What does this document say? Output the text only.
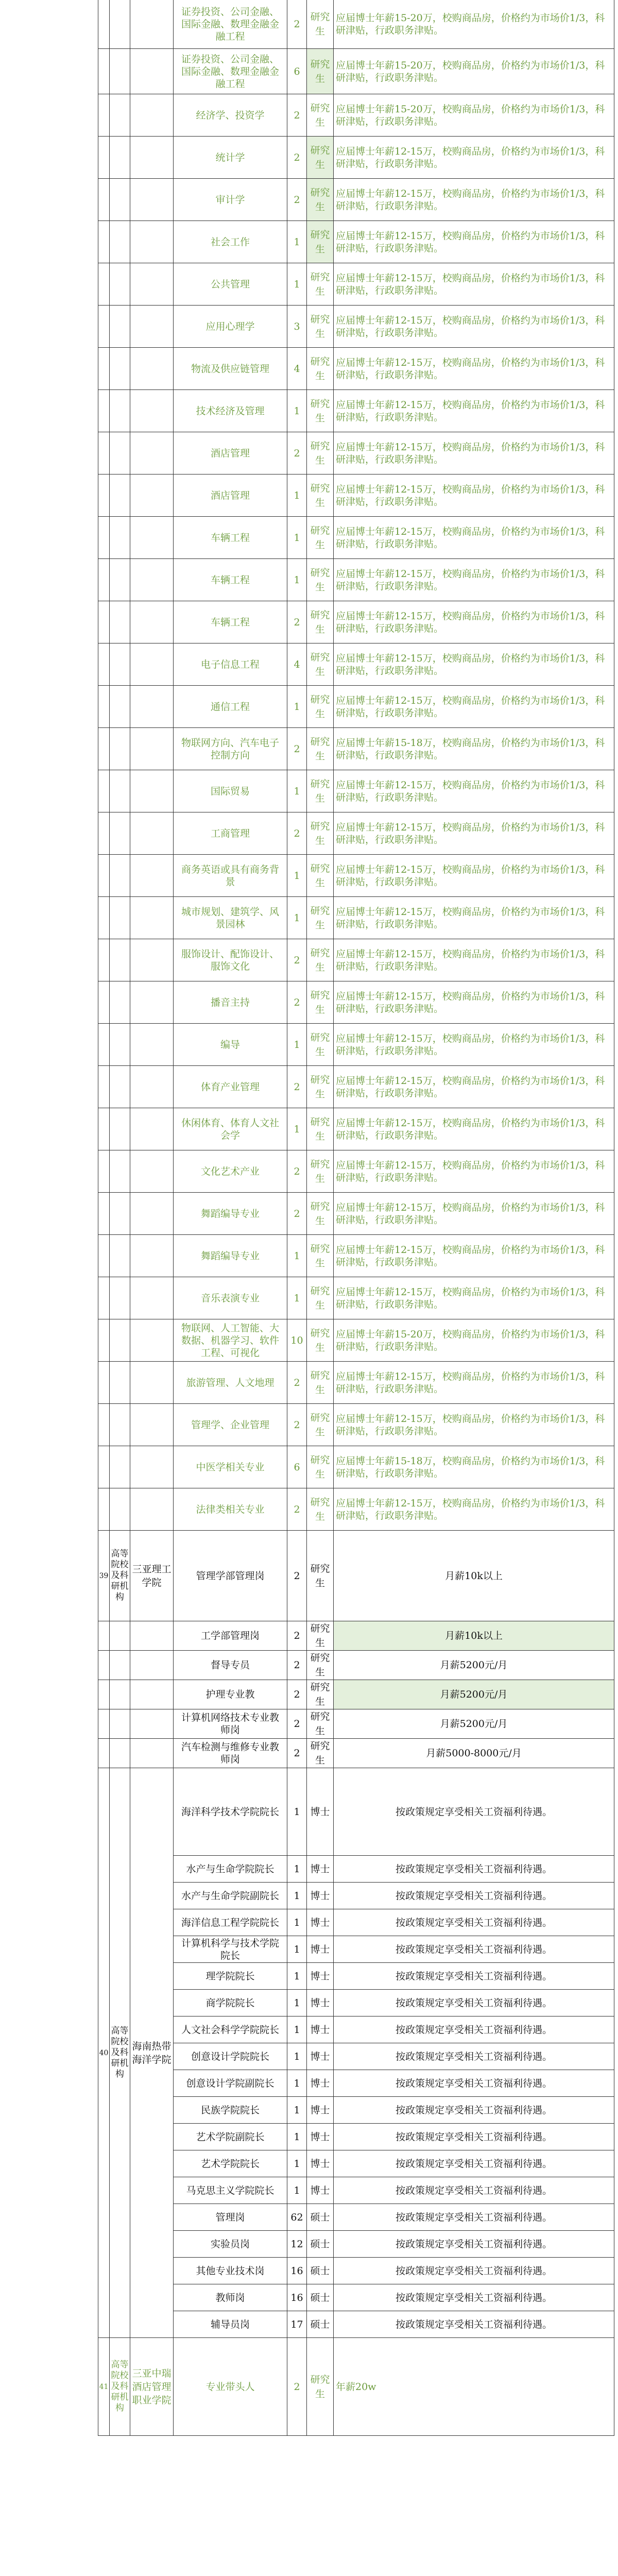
			证券投资、公司金融、国际金融、数理金融金融工程	2	研究生	应届博士年薪15-20万，校购商品房，价格约为市场价1/3，科研津贴，行政职务津贴。
			证券投资、公司金融、国际金融、数理金融金融工程	6	研究生	应届博士年薪15-20万，校购商品房，价格约为市场价1/3，科研津贴，行政职务津贴。
			经济学、投资学	2	研究生	应届博士年薪15-20万，校购商品房，价格约为市场价1/3，科研津贴，行政职务津贴。
			统计学	2	研究生	应届博士年薪12-15万，校购商品房，价格约为市场价1/3，科研津贴，行政职务津贴。
			审计学	2	研究生	应届博士年薪12-15万，校购商品房，价格约为市场价1/3，科研津贴，行政职务津贴。
			社会工作	1	研究生	应届博士年薪12-15万，校购商品房，价格约为市场价1/3，科研津贴，行政职务津贴。
			公共管理	1	研究生	应届博士年薪12-15万，校购商品房，价格约为市场价1/3，科研津贴，行政职务津贴。
			应用心理学	3	研究生	应届博士年薪12-15万，校购商品房，价格约为市场价1/3，科研津贴，行政职务津贴。
			物流及供应链管理	4	研究生	应届博士年薪12-15万，校购商品房，价格约为市场价1/3，科研津贴，行政职务津贴。
			技术经济及管理	1	研究生	应届博士年薪12-15万，校购商品房，价格约为市场价1/3，科研津贴，行政职务津贴。
			酒店管理	2	研究生	应届博士年薪12-15万，校购商品房，价格约为市场价1/3，科研津贴，行政职务津贴。
			酒店管理	1	研究生	应届博士年薪12-15万，校购商品房，价格约为市场价1/3，科研津贴，行政职务津贴。
			车辆工程	1	研究生	应届博士年薪12-15万，校购商品房，价格约为市场价1/3，科研津贴，行政职务津贴。
			车辆工程	1	研究生	应届博士年薪12-15万，校购商品房，价格约为市场价1/3，科研津贴，行政职务津贴。
			车辆工程	2	研究生	应届博士年薪12-15万，校购商品房，价格约为市场价1/3，科研津贴，行政职务津贴。
			电子信息工程	4	研究生	应届博士年薪12-15万，校购商品房，价格约为市场价1/3，科研津贴，行政职务津贴。
			通信工程	1	研究生	应届博士年薪12-15万，校购商品房，价格约为市场价1/3，科研津贴，行政职务津贴。
			物联网方向、汽车电子控制方向	2	研究生	应届博士年薪15-18万，校购商品房，价格约为市场价1/3，科研津贴，行政职务津贴。
			国际贸易	1	研究生	应届博士年薪12-15万，校购商品房，价格约为市场价1/3，科研津贴，行政职务津贴。
			工商管理	2	研究生	应届博士年薪12-15万，校购商品房，价格约为市场价1/3，科研津贴，行政职务津贴。
			商务英语或具有商务背景	1	研究生	应届博士年薪12-15万，校购商品房，价格约为市场价1/3，科研津贴，行政职务津贴。
			城市规划、建筑学、风景园林	1	研究生	应届博士年薪12-15万，校购商品房，价格约为市场价1/3，科研津贴，行政职务津贴。
			服饰设计、配饰设计、服饰文化	2	研究生	应届博士年薪12-15万，校购商品房，价格约为市场价1/3，科研津贴，行政职务津贴。
			播音主持	2	研究生	应届博士年薪12-15万，校购商品房，价格约为市场价1/3，科研津贴，行政职务津贴。
			编导	1	研究生	应届博士年薪12-15万，校购商品房，价格约为市场价1/3，科研津贴，行政职务津贴。
			体育产业管理	2	研究生	应届博士年薪12-15万，校购商品房，价格约为市场价1/3，科研津贴，行政职务津贴。
			休闲体育、体育人文社会学	1	研究生	应届博士年薪12-15万，校购商品房，价格约为市场价1/3，科研津贴，行政职务津贴。
			文化艺术产业	2	研究生	应届博士年薪12-15万，校购商品房，价格约为市场价1/3，科研津贴，行政职务津贴。
			舞蹈编导专业	2	研究生	应届博士年薪12-15万，校购商品房，价格约为市场价1/3，科研津贴，行政职务津贴。
			舞蹈编导专业	1	研究生	应届博士年薪12-15万，校购商品房，价格约为市场价1/3，科研津贴，行政职务津贴。
			音乐表演专业	1	研究生	应届博士年薪12-15万，校购商品房，价格约为市场价1/3，科研津贴，行政职务津贴。
			物联网、人工智能、大数据、机器学习、软件工程、可视化	10	研究生	应届博士年薪15-20万，校购商品房，价格约为市场价1/3，科研津贴，行政职务津贴。
			旅游管理、人文地理	2	研究生	应届博士年薪12-15万，校购商品房，价格约为市场价1/3，科研津贴，行政职务津贴。
			管理学、企业管理	2	研究生	应届博士年薪12-15万，校购商品房，价格约为市场价1/3，科研津贴，行政职务津贴。
			中医学相关专业	6	研究生	应届博士年薪15-18万，校购商品房，价格约为市场价1/3，科研津贴，行政职务津贴。
			法律类相关专业	2	研究生	应届博士年薪12-15万，校购商品房，价格约为市场价1/3，科研津贴，行政职务津贴。
39	高等院校及科研机构	三亚理工学院	管理学部管理岗	2	研究生	月薪10k以上
			工学部管理岗	2	研究生	月薪10k以上
			督导专员	2	研究生	月薪5200元/月
			护理专业教	2	研究生	月薪5200元/月
			计算机网络技术专业教师岗	2	研究生	月薪5200元/月
			汽车检测与维修专业教师岗	2	研究生	月薪5000-8000元/月
40	高等院校及科研机构	海南热带海洋学院	海洋科学技术学院院长	1	博士	按政策规定享受相关工资福利待遇。
			水产与生命学院院长	1	博士	按政策规定享受相关工资福利待遇。
			水产与生命学院副院长	1	博士	按政策规定享受相关工资福利待遇。
			海洋信息工程学院院长	1	博士	按政策规定享受相关工资福利待遇。
			计算机科学与技术学院院长	1	博士	按政策规定享受相关工资福利待遇。
			理学院院长	1	博士	按政策规定享受相关工资福利待遇。
			商学院院长	1	博士	按政策规定享受相关工资福利待遇。
			人文社会科学学院院长	1	博士	按政策规定享受相关工资福利待遇。
			创意设计学院院长	1	博士	按政策规定享受相关工资福利待遇。
			创意设计学院副院长	1	博士	按政策规定享受相关工资福利待遇。
			民族学院院长	1	博士	按政策规定享受相关工资福利待遇。
			艺术学院副院长	1	博士	按政策规定享受相关工资福利待遇。
			艺术学院院长	1	博士	按政策规定享受相关工资福利待遇。
			马克思主义学院院长	1	博士	按政策规定享受相关工资福利待遇。
			管理岗	62	硕士	按政策规定享受相关工资福利待遇。
			实验员岗	12	硕士	按政策规定享受相关工资福利待遇。
			其他专业技术岗	16	硕士	按政策规定享受相关工资福利待遇。
			教师岗	16	硕士	按政策规定享受相关工资福利待遇。
			辅导员岗	17	硕士	按政策规定享受相关工资福利待遇。
41	高等院校及科研机构	三亚中瑞酒店管理职业学院	专业带头人	2	研究生	年薪20w
